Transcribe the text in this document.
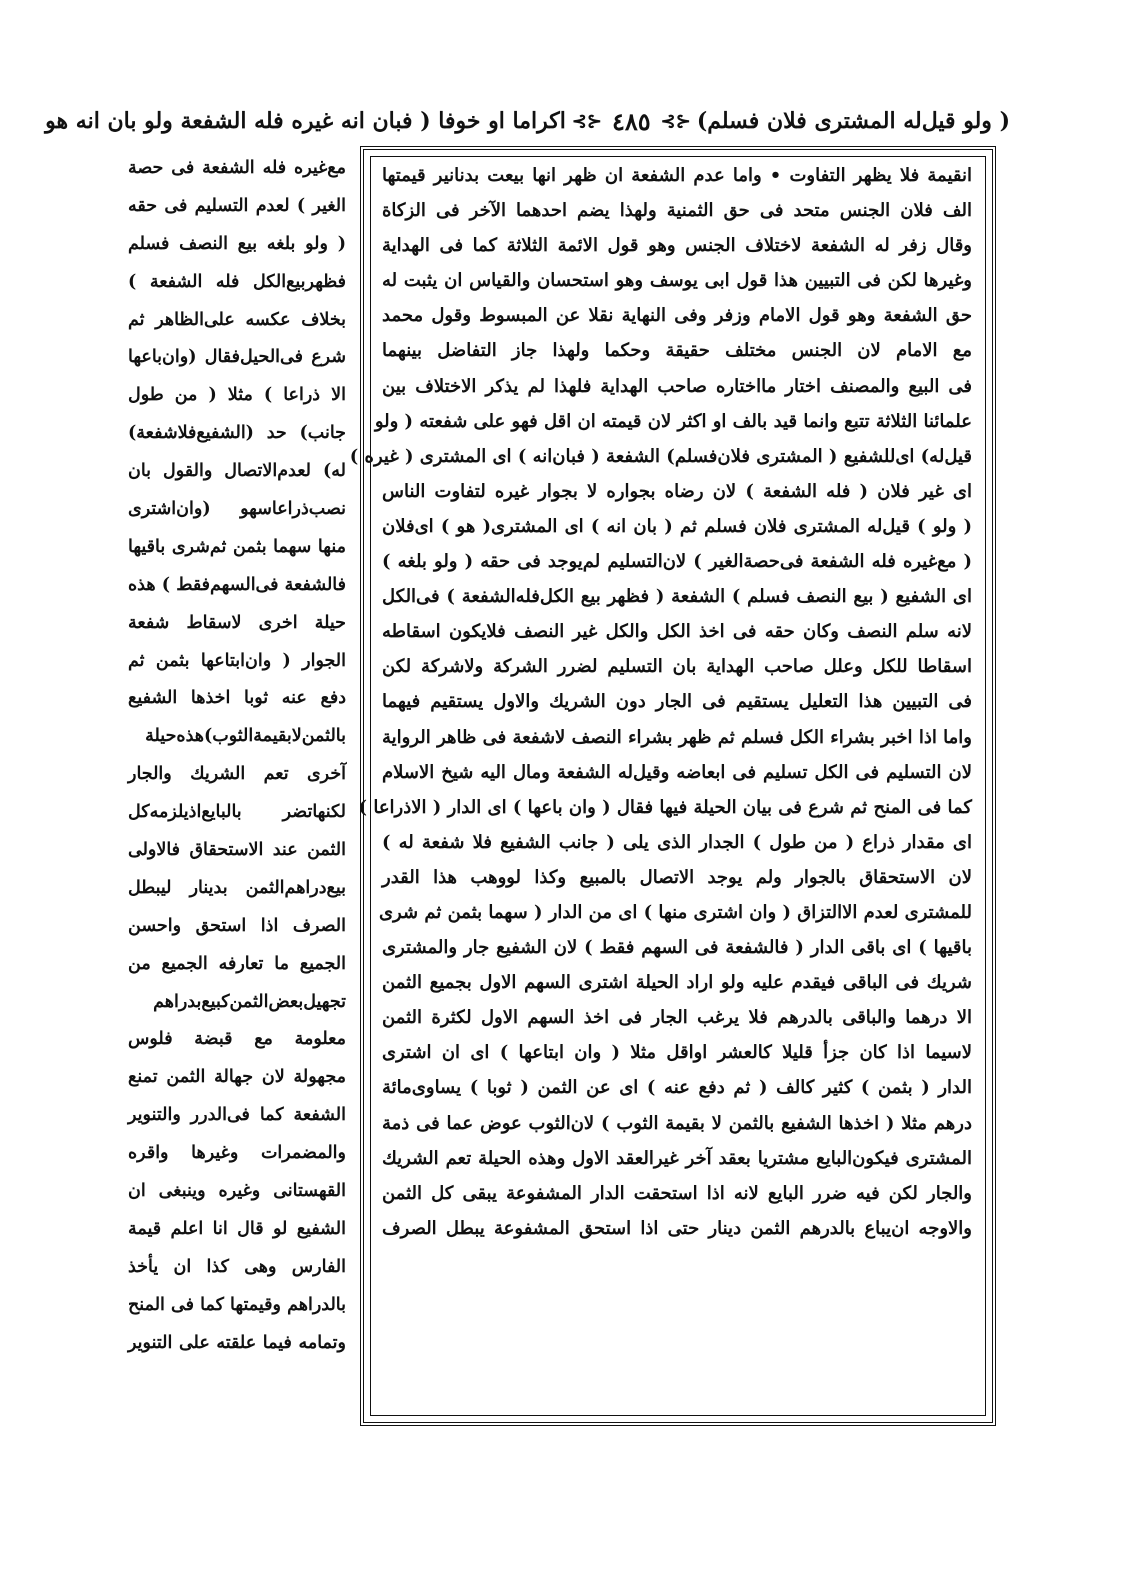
( ولو قيل‌له المشترى فلان فسلم)
⊰⊱
٤٨٥
⊰⊱
اكراما او خوفا ( فبان انه غيره فله الشفعة ولو بان انه هو
انقيمة فلا يظهر التفاوت • واما عدم الشفعة ان ظهر انها بيعت بدنانير قيمتها
الف فلان الجنس متحد فى حق الثمنية ولهذا يضم احدهما الآخر فى الزكاة
وقال زفر له الشفعة لاختلاف الجنس وهو قول الائمة الثلاثة كما فى الهداية
وغيرها لكن فى التبيين هذا قول ابى يوسف وهو استحسان والقياس ان يثبت له
حق الشفعة وهو قول الامام وزفر وفى النهاية نقلا عن المبسوط وقول محمد
مع الامام لان الجنس مختلف حقيقة وحكما ولهذا جاز التفاضل بينهما
فى البيع والمصنف اختار مااختاره صاحب الهداية فلهذا لم يذكر الاختلاف بين
علمائنا الثلاثة تتبع وانما قيد بالف او اكثر لان قيمته ان اقل فهو على شفعته ( ولو
قيل‌له) اى‌للشفيع ( المشترى فلان‌فسلم) الشفعة ( فبان‌انه ) اى المشترى ( غيره )
اى غير فلان ( فله الشفعة ) لان رضاه بجواره لا بجوار غيره لتفاوت الناس
( ولو ) قيل‌له المشترى فلان فسلم ثم ( بان انه ) اى المشترى( هو ) اى‌فلان
( مع‌غيره فله الشفعة فى‌حصة‌الغير ) لان‌التسليم لم‌يوجد فى حقه ( ولو بلغه )
اى الشفيع ( بيع النصف فسلم ) الشفعة ( فظهر بيع الكل‌فله‌الشفعة ) فى‌الكل
لانه سلم النصف وكان حقه فى اخذ الكل والكل غير النصف فلايكون اسقاطه
اسقاطا للكل وعلل صاحب الهداية بان التسليم لضرر الشركة ولاشركة لكن
فى التبيين هذا التعليل يستقيم فى الجار دون الشريك والاول يستقيم فيهما
واما اذا اخبر بشراء الكل فسلم ثم ظهر بشراء النصف لاشفعة فى ظاهر الرواية
لان التسليم فى الكل تسليم فى ابعاضه وقيل‌له الشفعة ومال اليه شيخ الاسلام
كما فى المنح ثم شرع فى بيان الحيلة فيها فقال ( وان باعها ) اى الدار ( الاذراعا )
اى مقدار ذراع ( من طول ) الجدار الذى يلى ( جانب الشفيع فلا شفعة له )
لان الاستحقاق بالجوار ولم يوجد الاتصال بالمبيع وكذا لووهب هذا القدر
للمشترى لعدم الاالتزاق ( وان اشترى منها ) اى من الدار ( سهما بثمن ثم شرى
باقيها ) اى باقى الدار ( فالشفعة فى السهم فقط ) لان الشفيع جار والمشترى
شريك فى الباقى فيقدم عليه ولو اراد الحيلة اشترى السهم الاول بجميع الثمن
الا درهما والباقى بالدرهم فلا يرغب الجار فى اخذ السهم الاول لكثرة الثمن
لاسيما اذا كان جزأ قليلا كالعشر اواقل مثلا ( وان ابتاعها ) اى ان اشترى
الدار ( بثمن ) كثير كالف ( ثم دفع عنه ) اى عن الثمن ( ثوبا ) يساوى‌مائة
درهم مثلا ( اخذها الشفيع بالثمن لا بقيمة الثوب ) لان‌الثوب عوض عما فى ذمة
المشترى فيكون‌البايع مشتريا بعقد آخر غيرالعقد الاول وهذه الحيلة تعم الشريك
والجار لكن فيه ضرر البايع لانه اذا استحقت الدار المشفوعة يبقى كل الثمن
والاوجه ان‌يباع بالدرهم الثمن دينار حتى اذا استحق المشفوعة يبطل الصرف
مع‌غيره فله الشفعة فى حصة
الغير ) لعدم التسليم فى حقه
( ولو بلغه بيع النصف فسلم
فظهر‌بيع‌الكل فله الشفعة )
بخلاف عكسه على‌الظاهر ثم
شرع فى‌الحيل‌فقال (وان‌باعها
الا ذراعا ) مثلا ( من طول
جانب) حد (الشفيع‌فلاشفعة)
له) لعدم‌الاتصال والقول بان
نصب‌ذراعاسهو (وان‌اشترى
منها سهما بثمن ثم‌شرى باقيها
فالشفعة فى‌السهم‌فقط ) هذه
حيلة اخرى لاسقاط شفعة
الجوار ( وان‌ابتاعها بثمن ثم
دفع عنه ثوبا اخذها الشفيع
بالثمن‌لابقيمة‌الثوب)هذه‌حيلة
آخرى تعم الشريك والجار
لكنهاتضر بالبايع‌اذيلزمه‌كل
الثمن عند الاستحقاق فالاولى
بيع‌دراهم‌الثمن بدينار ليبطل
الصرف اذا استحق واحسن
الجميع ما تعارفه الجميع من
تجهيل‌بعض‌الثمن‌كبيع‌بدراهم
معلومة مع قبضة فلوس
مجهولة لان جهالة الثمن تمنع
الشفعة كما فى‌الدرر والتنوير
والمضمرات وغيرها واقره
القهستانى وغيره وينبغى ان
الشفيع لو قال انا اعلم قيمة
الفارس وهى كذا ان يأخذ
بالدراهم وقيمتها كما فى المنح
وتمامه فيما علقته على التنوير
